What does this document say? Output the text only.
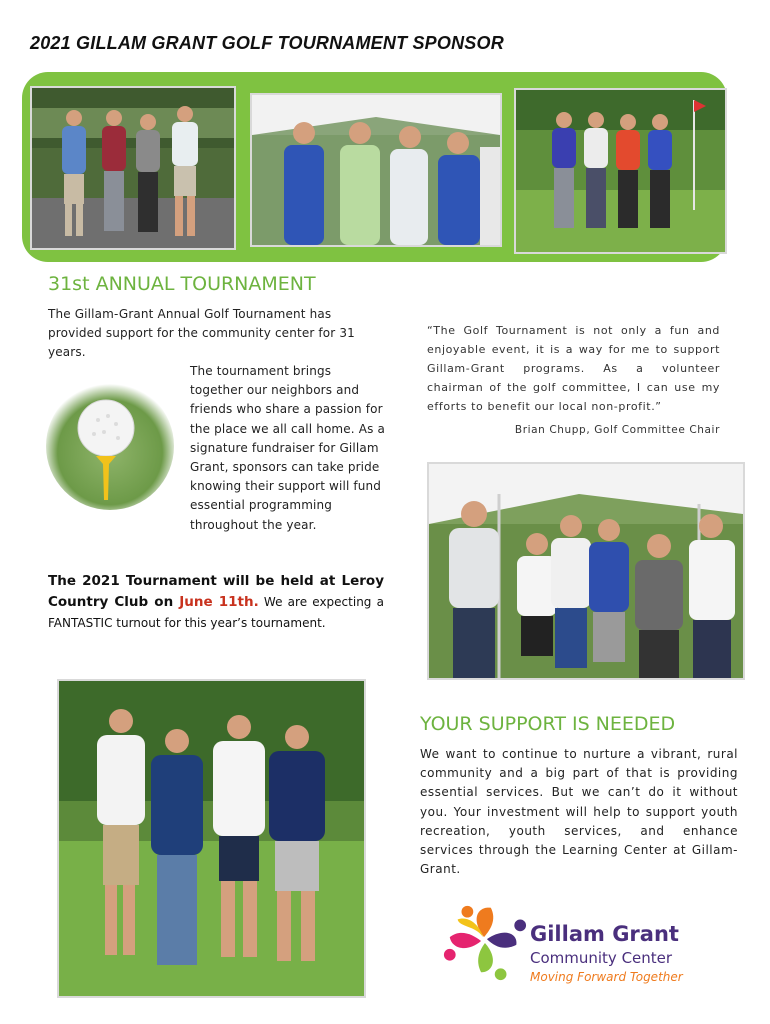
2021 GILLAM GRANT GOLF TOURNAMENT SPONSOR
31st ANNUAL TOURNAMENT
The Gillam-Grant Annual Golf Tournament has provided support for the community center for 31 years.
The tournament brings together our neighbors and friends who share a passion for the place we all call home. As a signature fundraiser for Gillam Grant, sponsors can take pride knowing their support will fund essential programming throughout the year.
The 2021 Tournament will be held at Leroy Country Club on June 11th. We are expecting a FANTASTIC turnout for this year’s tournament.
“The Golf Tournament is not only a fun and enjoyable event, it is a way for me to support Gillam-Grant programs. As a volunteer chairman of the golf committee, I can use my efforts to benefit our local non-profit.”
Brian Chupp, Golf Committee Chair
YOUR SUPPORT IS NEEDED
We want to continue to nurture a vibrant, rural community and a big part of that is providing essential services. But we can’t do it without you. Your investment will help to support youth recreation, youth services, and enhance services through the Learning Center at Gillam-Grant.
Gillam Grant
Community Center
Moving Forward Together
